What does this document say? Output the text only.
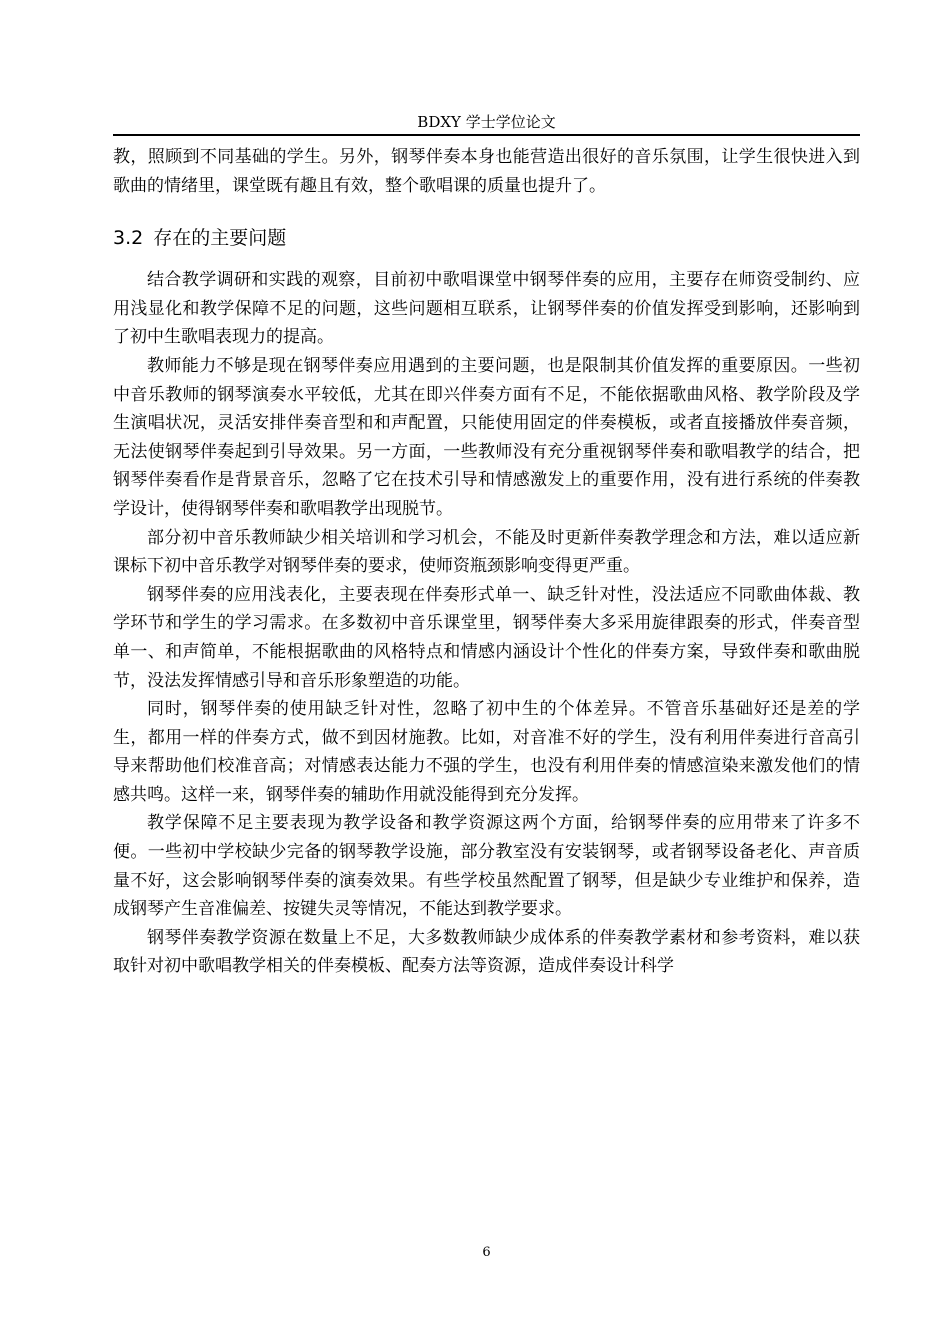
BDXY 学士学位论文

教，照顾到不同基础的学生。另外，钢琴伴奏本身也能营造出很好的音乐氛围，让学生很快进入到歌曲的情绪里，课堂既有趣且有效，整个歌唱课的质量也提升了。

3.2 存在的主要问题

结合教学调研和实践的观察，目前初中歌唱课堂中钢琴伴奏的应用，主要存在师资受制约、应用浅显化和教学保障不足的问题，这些问题相互联系，让钢琴伴奏的价值发挥受到影响，还影响到了初中生歌唱表现力的提高。

教师能力不够是现在钢琴伴奏应用遇到的主要问题，也是限制其价值发挥的重要原因。一些初中音乐教师的钢琴演奏水平较低，尤其在即兴伴奏方面有不足，不能依据歌曲风格、教学阶段及学生演唱状况，灵活安排伴奏音型和和声配置，只能使用固定的伴奏模板，或者直接播放伴奏音频，无法使钢琴伴奏起到引导效果。另一方面，一些教师没有充分重视钢琴伴奏和歌唱教学的结合，把钢琴伴奏看作是背景音乐，忽略了它在技术引导和情感激发上的重要作用，没有进行系统的伴奏教学设计，使得钢琴伴奏和歌唱教学出现脱节。

部分初中音乐教师缺少相关培训和学习机会，不能及时更新伴奏教学理念和方法，难以适应新课标下初中音乐教学对钢琴伴奏的要求，使师资瓶颈影响变得更严重。

钢琴伴奏的应用浅表化，主要表现在伴奏形式单一、缺乏针对性，没法适应不同歌曲体裁、教学环节和学生的学习需求。在多数初中音乐课堂里，钢琴伴奏大多采用旋律跟奏的形式，伴奏音型单一、和声简单，不能根据歌曲的风格特点和情感内涵设计个性化的伴奏方案，导致伴奏和歌曲脱节，没法发挥情感引导和音乐形象塑造的功能。

同时，钢琴伴奏的使用缺乏针对性，忽略了初中生的个体差异。不管音乐基础好还是差的学生，都用一样的伴奏方式，做不到因材施教。比如，对音准不好的学生，没有利用伴奏进行音高引导来帮助他们校准音高；对情感表达能力不强的学生，也没有利用伴奏的情感渲染来激发他们的情感共鸣。这样一来，钢琴伴奏的辅助作用就没能得到充分发挥。

教学保障不足主要表现为教学设备和教学资源这两个方面，给钢琴伴奏的应用带来了许多不便。一些初中学校缺少完备的钢琴教学设施，部分教室没有安装钢琴，或者钢琴设备老化、声音质量不好，这会影响钢琴伴奏的演奏效果。有些学校虽然配置了钢琴，但是缺少专业维护和保养，造成钢琴产生音准偏差、按键失灵等情况，不能达到教学要求。

钢琴伴奏教学资源在数量上不足，大多数教师缺少成体系的伴奏教学素材和参考资料，难以获取针对初中歌唱教学相关的伴奏模板、配奏方法等资源，造成伴奏设计科学

6
